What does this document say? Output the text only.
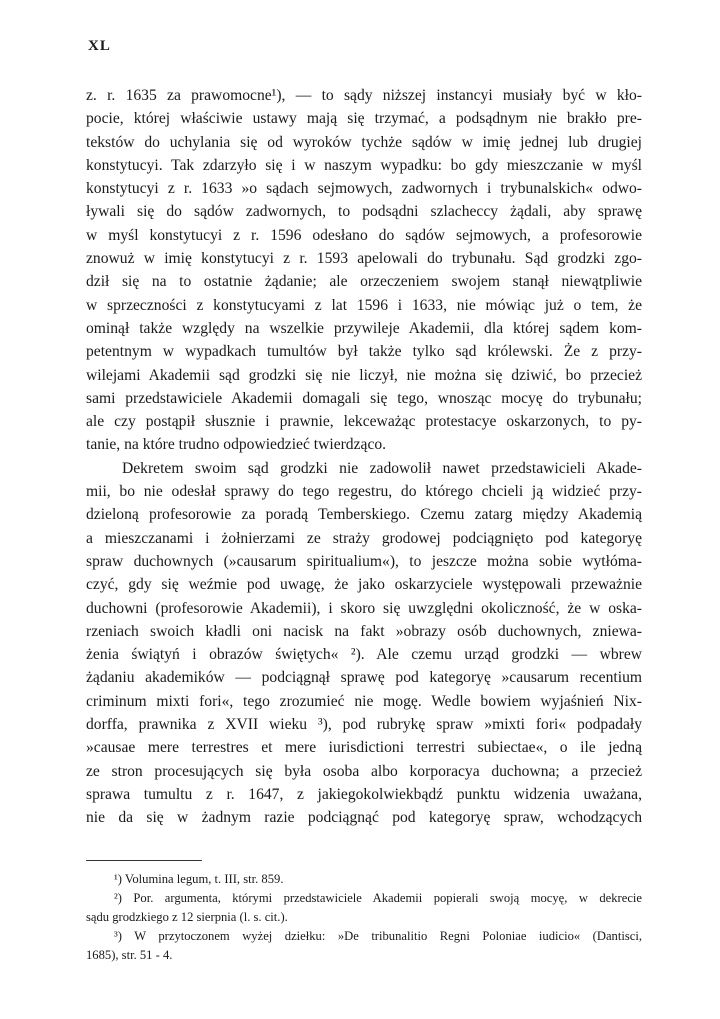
XL
z. r. 1635 za prawomocne¹), — to sądy niższej instancyi musiały być w kło-
pocie, której właściwie ustawy mają się trzymać, a podsądnym nie brakło pre-
tekstów do uchylania się od wyroków tychże sądów w imię jednej lub drugiej
konstytucyi. Tak zdarzyło się i w naszym wypadku: bo gdy mieszczanie w myśl
konstytucyi z r. 1633 »o sądach sejmowych, zadwornych i trybunalskich« odwo-
ływali się do sądów zadwornych, to podsądni szlacheccy żądali, aby sprawę
w myśl konstytucyi z r. 1596 odesłano do sądów sejmowych, a profesorowie
znowuż w imię konstytucyi z r. 1593 apelowali do trybunału. Sąd grodzki zgo-
dził się na to ostatnie żądanie; ale orzeczeniem swojem stanął niewątpliwie
w sprzeczności z konstytucyami z lat 1596 i 1633, nie mówiąc już o tem, że
ominął także względy na wszelkie przywileje Akademii, dla której sądem kom-
petentnym w wypadkach tumultów był także tylko sąd królewski. Że z przy-
wilejami Akademii sąd grodzki się nie liczył, nie można się dziwić, bo przecież
sami przedstawiciele Akademii domagali się tego, wnosząc mocyę do trybunału;
ale czy postąpił słusznie i prawnie, lekceważąc protestacye oskarzonych, to py-
tanie, na które trudno odpowiedzieć twierdząco.
Dekretem swoim sąd grodzki nie zadowolił nawet przedstawicieli Akade-
mii, bo nie odesłał sprawy do tego regestru, do którego chcieli ją widzieć przy-
dzieloną profesorowie za poradą Temberskiego. Czemu zatarg między Akademią
a mieszczanami i żołnierzami ze straży grodowej podciągnięto pod kategoryę
spraw duchownych (»causarum spiritualium«), to jeszcze można sobie wytłóma-
czyć, gdy się weźmie pod uwagę, że jako oskarzyciele występowali przeważnie
duchowni (profesorowie Akademii), i skoro się uwzględni okoliczność, że w oska-
rzeniach swoich kładli oni nacisk na fakt »obrazy osób duchownych, zniewa-
żenia świątyń i obrazów świętych« ²). Ale czemu urząd grodzki — wbrew
żądaniu akademików — podciągnął sprawę pod kategoryę »causarum recentium
criminum mixti fori«, tego zrozumieć nie mogę. Wedle bowiem wyjaśnień Nix-
dorffa, prawnika z XVII wieku ³), pod rubrykę spraw »mixti fori« podpadały
»causae mere terrestres et mere iurisdictioni terrestri subiectae«, o ile jedną
ze stron procesujących się była osoba albo korporacya duchowna; a przecież
sprawa tumultu z r. 1647, z jakiegokolwiekbądź punktu widzenia uważana,
nie da się w żadnym razie podciągnąć pod kategoryę spraw, wchodzących
¹) Volumina legum, t. III, str. 859.
²) Por. argumenta, którymi przedstawiciele Akademii popierali swoją mocyę, w dekrecie
sądu grodzkiego z 12 sierpnia (l. s. cit.).
³) W przytoczonem wyżej dziełku: »De tribunalitio Regni Poloniae iudicio« (Dantisci,
1685), str. 51 - 4.
